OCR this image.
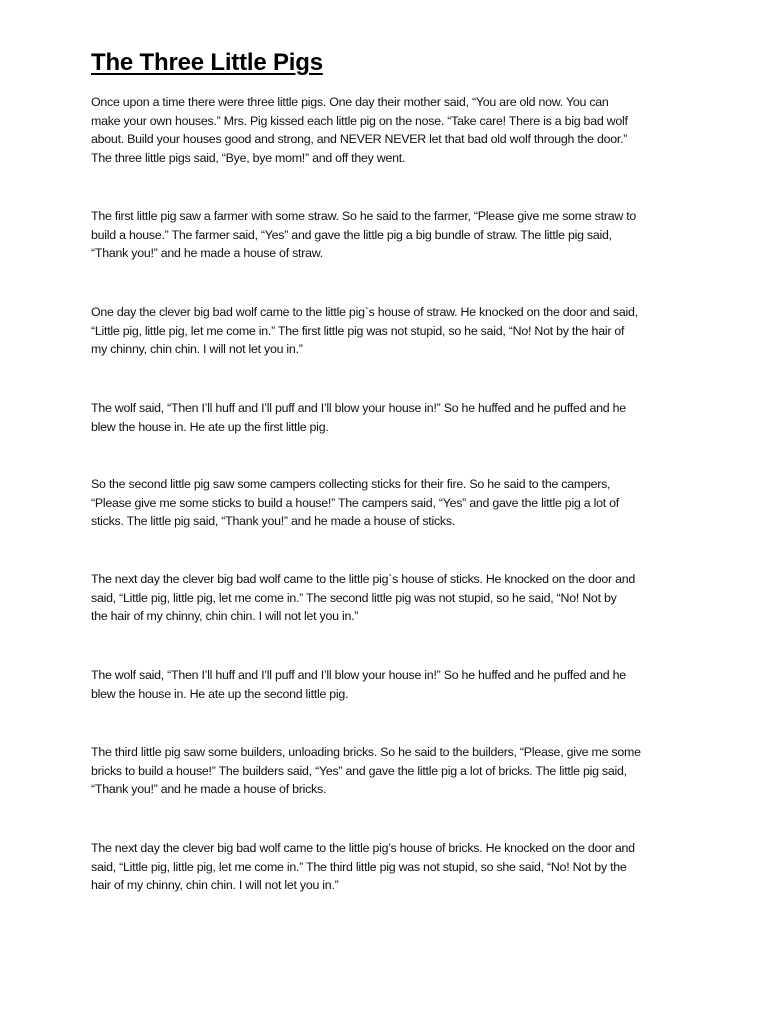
The Three Little Pigs
Once upon a time there were three little pigs. One day their mother said, “You are old now. You can
make your own houses.” Mrs. Pig kissed each little pig on the nose. “Take care! There is a big bad wolf
about. Build your houses good and strong, and NEVER NEVER let that bad old wolf through the door.”
The three little pigs said, “Bye, bye mom!” and off they went.
The first little pig saw a farmer with some straw. So he said to the farmer, “Please give me some straw to
build a house.” The farmer said, “Yes” and gave the little pig a big bundle of straw. The little pig said,
“Thank you!” and he made a house of straw.
One day the clever big bad wolf came to the little pig`s house of straw. He knocked on the door and said,
“Little pig, little pig, let me come in.” The first little pig was not stupid, so he said, “No! Not by the hair of
my chinny, chin chin. I will not let you in.”
The wolf said, “Then I’ll huff and I’ll puff and I’ll blow your house in!” So he huffed and he puffed and he
blew the house in. He ate up the first little pig.
So the second little pig saw some campers collecting sticks for their fire. So he said to the campers,
“Please give me some sticks to build a house!” The campers said, “Yes” and gave the little pig a lot of
sticks. The little pig said, “Thank you!” and he made a house of sticks.
The next day the clever big bad wolf came to the little pig`s house of sticks. He knocked on the door and
said, “Little pig, little pig, let me come in.” The second little pig was not stupid, so he said, “No! Not by
the hair of my chinny, chin chin. I will not let you in.”
The wolf said, “Then I’ll huff and I’ll puff and I’ll blow your house in!” So he huffed and he puffed and he
blew the house in. He ate up the second little pig.
The third little pig saw some builders, unloading bricks. So he said to the builders, “Please, give me some
bricks to build a house!” The builders said, “Yes” and gave the little pig a lot of bricks. The little pig said,
“Thank you!” and he made a house of bricks.
The next day the clever big bad wolf came to the little pig’s house of bricks. He knocked on the door and
said, “Little pig, little pig, let me come in.” The third little pig was not stupid, so she said, “No! Not by the
hair of my chinny, chin chin. I will not let you in.”
